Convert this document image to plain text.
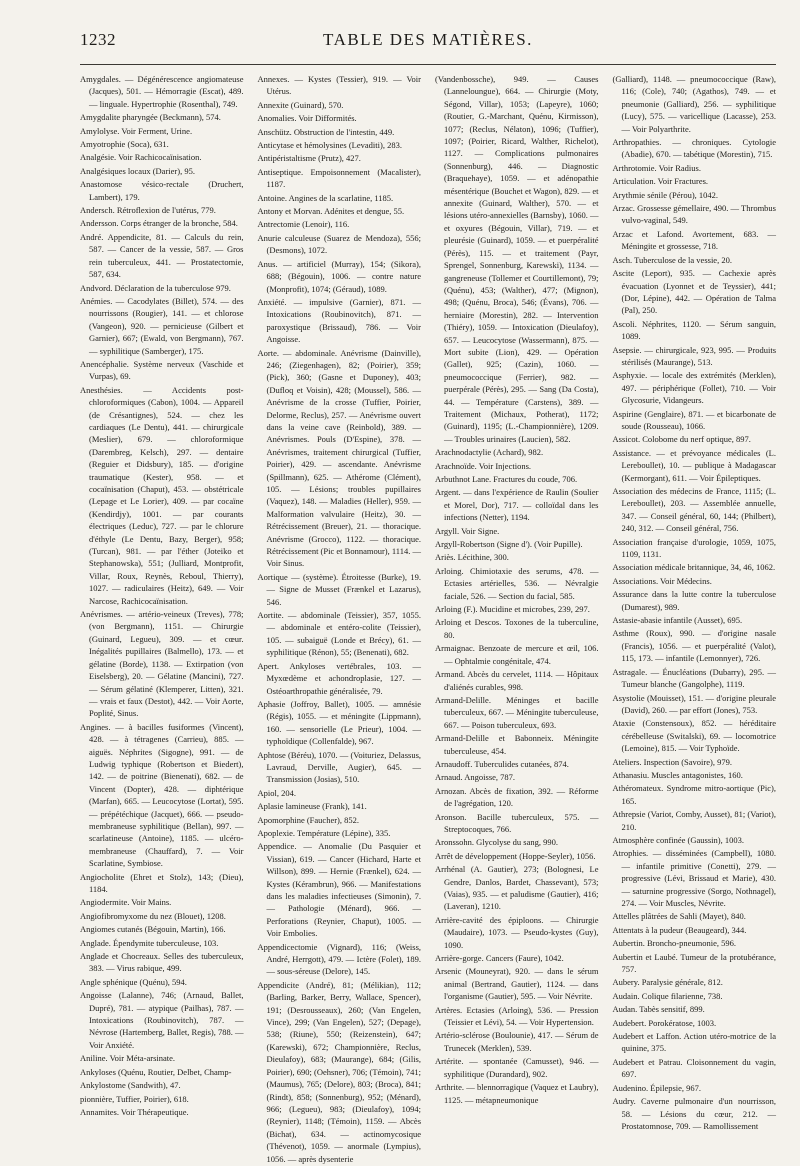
1232	TABLE DES MATIÈRES.

Amygdales. — Dégénérescence angiomateuse (Jacques), 501. — Hémorragie (Escat), 489. — linguale. Hypertrophie (Rosenthal), 749.

Amygdalite pharyngée (Beckmann), 574.

Amylolyse. Voir Ferment, Urine.

Amyotrophie (Soca), 631.

Analgésie. Voir Rachicocaïnisation.

Analgésiques locaux (Darier), 95.

Anastomose vésico-rectale (Druchert, Lambert), 179.

Andersch. Rétroflexion de l'utérus, 779.

Andersson. Corps étranger de la bronche, 584.

André. Appendicite, 81. — Calculs du rein, 587. — Cancer de la vessie, 587. — Gros rein tuberculeux, 441. — Prostatectomie, 587, 634.

Andvord. Déclaration de la tuberculose 979.

Anémies. — Cacodylates (Billet), 574. — des nourrissons (Rougier), 141. — et chlorose (Vangeon), 920. — pernicieuse (Gilbert et Garnier), 667; (Ewald, von Bergmann), 767. — syphilitique (Samberger), 175.

Anencéphalie. Système nerveux (Vaschide et Vurpas), 69.

Anesthésies. — Accidents post-chloroformiques (Cabon), 1004. — Appareil (de Crésantignes), 524. — chez les cardiaques (Le Dentu), 441. — chirurgicale (Meslier), 679. — chloroformique (Darembreg, Kelsch), 297. — dentaire (Reguier et Didsbury), 185. — d'origine traumatique (Kester), 958. — et cocaïnisation (Chaput), 453. — obstétricale (Lepage et Le Lorier), 409. — par cocaïne (Kendirdjy), 1001. — par courants électriques (Leduc), 727. — par le chlorure d'éthyle (Le Dentu, Bazy, Berger), 958; (Turcan), 981. — par l'éther (Joteiko et Stephanowska), 551; (Julliard, Montprofit, Villar, Roux, Reynès, Reboul, Thierry), 1027. — radiculaires (Heitz), 649. — Voir Narcose, Rachicocaïnisation.

Anévrismes. — artério-veineux (Treves), 778; (von Bergmann), 1151. — Chirurgie (Guinard, Legueu), 309. — et cœur. Inégalités pupillaires (Balmello), 173. — et gélatine (Borde), 1138. — Extirpation (von Eiselsberg), 20. — Gélatine (Mancini), 727. — Sérum gélatiné (Klemperer, Litten), 321. — vrais et faux (Destot), 442. — Voir Aorte, Poplité, Sinus.

Angines. — à bacilles fusiformes (Vincent), 428. — à tétragenes (Carrieu), 885. — aiguës. Néphrites (Sigogne), 991. — de Ludwig typhique (Robertson et Biedert), 142. — de poitrine (Bienenati), 682. — de Vincent (Dopter), 428. — diphtérique (Marfan), 665. — Leucocytose (Lortat), 595. — prépétéchique (Jacquet), 666. — pseudo-membraneuse syphilitique (Bellan), 997. — scarlatineuse (Antoine), 1185. — ulcéro-membraneuse (Chauffard), 7. — Voir Scarlatine, Symbiose.

Angiocholite (Ehret et Stolz), 143; (Dieu), 1184.

Angiodermite. Voir Mains.

Angiofibromyxome du nez (Blouet), 1208.

Angiomes cutanés (Bégouin, Martin), 166.

Anglade. Épendymite tuberculeuse, 103.

Anglade et Chocreaux. Selles des tuberculeux, 383. — Virus rabique, 499.

Angle sphénique (Quénu), 594.

Angoisse (Lalanne), 746; (Arnaud, Ballet, Dupré), 781. — atypique (Pailhas), 787. — Intoxications (Roubinovitch), 787. — Névrose (Hartemberg, Ballet, Regis), 788. — Voir Anxiété.

Aniline. Voir Méta-arsinate.

Ankyloses (Quénu, Routier, Delbet, Champ-

Ankylostome (Sandwith), 47.

pionnière, Tuffier, Poirier), 618.

Annamites. Voir Thérapeutique.

Annexes. — Kystes (Tessier), 919. — Voir Utérus.

Annexite (Guinard), 570.

Anomalies. Voir Difformités.

Anschütz. Obstruction de l'intestin, 449.

Anticytase et hémolysines (Levaditi), 283.

Antipéristaltisme (Prutz), 427.

Antiseptique. Empoisonnement (Macalister), 1187.

Antoine. Angines de la scarlatine, 1185.

Antony et Morvan. Adénites et dengue, 55.

Antrectomie (Lenoir), 116.

Anurie calculeuse (Suarez de Mendoza), 556; (Desmons), 1072.

Anus. — artificiel (Murray), 154; (Sikora), 688; (Bégouin), 1006. — contre nature (Monprofit), 1074; (Géraud), 1089.

Anxiété. — impulsive (Garnier), 871. — Intoxications (Roubinovitch), 871. — paroxystique (Brissaud), 786. — Voir Angoisse.

Aorte. — abdominale. Anévrisme (Dainville), 246; (Ziegenhagen), 82; (Poirier), 359; (Pick), 360; (Gasne et Duponey), 403; (Dufloq et Voisin), 428; (Moussel), 586. — Anévrisme de la crosse (Tuffier, Poirier, Delorme, Reclus), 257. — Anévrisme ouvert dans la veine cave (Reinbold), 389. — Anévrismes. Pouls (D'Espine), 378. — Anévrismes, traitement chirurgical (Tuffier, Poirier), 429. — ascendante. Anévrisme (Spillmann), 625. — Athérome (Clément), 105. — Lésions; troubles pupillaires (Vaquez), 148. — Maladies (Heller), 959. — Malformation valvulaire (Heitz), 30. — Rétrécissement (Breuer), 21. — thoracique. Anévrisme (Grocco), 1122. — thoracique. Rétrécissement (Pic et Bonnamour), 1114. — Voir Sinus.

Aortique — (système). Étroitesse (Burke), 19. — Signe de Musset (Frænkel et Lazarus), 546.

Aortite. — abdominale (Teissier), 357, 1055. — abdominale et entéro-colite (Teissier), 105. — subaiguë (Londe et Brécy), 61. — syphilitique (Rénon), 55; (Benenati), 682.

Apert. Ankyloses vertébrales, 103. — Myxœdème et achondroplasie, 127. — Ostéoarthropathie généralisée, 79.

Aphasie (Joffroy, Ballet), 1005. — amnésie (Régis), 1055. — et méningite (Lippmann), 160. — sensorielle (Le Prieur), 1004. — typhoïdique (Collenfalde), 967.

Aphtose (Béréu), 1070. — (Voituriez, Delassus, Lavraud, Derville, Augier), 645. — Transmission (Josias), 510.

Apiol, 204.

Aplasie lamineuse (Frank), 141.

Apomorphine (Faucher), 852.

Apoplexie. Température (Lépine), 335.

Appendice. — Anomalie (Du Pasquier et Vissian), 619. — Cancer (Hichard, Harte et Willson), 899. — Hernie (Frænkel), 624. — Kystes (Kérambrun), 966. — Manifestations dans les maladies infectieuses (Simonin), 7. — Pathologie (Ménard), 966. — Perforations (Reynier, Chaput), 1005. — Voir Embolies.

Appendicectomie (Vignard), 116; (Weiss, André, Herrgott), 479. — Ictère (Folet), 189. — sous-séreuse (Delore), 145.

Appendicite (André), 81; (Mélikian), 112; (Barling, Barker, Berry, Wallace, Spencer), 191; (Desrousseaux), 260; (Van Engelen, Vince), 299; (Van Engelen), 527; (Depage), 538; (Riune), 550; (Reizenstein), 647; (Karewski), 672; Championnière, Reclus, Dieulafoy), 683; (Maurange), 684; (Gilis, Poirier), 690; (Oehsner), 706; (Témoin), 741; (Maumus), 765; (Delore), 803; (Broca), 841; (Rindt), 858; (Sonnenburg), 952; (Ménard), 966; (Legueu), 983; (Dieulafoy), 1094; (Reynier), 1148; (Témoin), 1159. — Abcès (Bichat), 634. — actinomycosique (Thévenot), 1059. — anormale (Lympius), 1056. — après dysenterie

(Vandenbossche), 949. — Causes (Lanneloungue), 664. — Chirurgie (Moty, Ségond, Villar), 1053; (Lapeyre), 1060; (Routier, G.-Marchant, Quénu, Kirmisson), 1077; (Reclus, Nélaton), 1096; (Tuffier), 1097; (Poirier, Ricard, Walther, Richelot), 1127. — Complications pulmonaires (Sonnenburg), 446. — Diagnostic (Braquehaye), 1059. — et adénopathie mésentérique (Bouchet et Wagon), 829. — et annexite (Guinard, Walther), 570. — et lésions utéro-annexielles (Barnsby), 1060. — et oxyures (Bégouin, Villar), 719. — et pleurésie (Guinard), 1059. — et puerpéralité (Pérès), 115. — et traitement (Payr, Sprengel, Sonnenburg, Karewski), 1134. — gangreneuse (Tollemer et Courtillemont), 79; (Quénu), 453; (Walther), 477; (Mignon), 498; (Quénu, Broca), 546; (Évans), 706. — herniaire (Morestin), 282. — Intervention (Thiéry), 1059. — Intoxication (Dieulafoy), 657. — Leucocytose (Wassermann), 875. — Mort subite (Lion), 429. — Opération (Gallet), 925; (Cazin), 1060. — pneumococcique (Ferrier), 982. — puerpérale (Pérès), 295. — Sang (Da Costa), 44. — Température (Carstens), 389. — Traitement (Michaux, Potherat), 1172; (Guinard), 1195; (L.-Championnière), 1209. — Troubles urinaires (Laucien), 582.

Arachnodactylie (Achard), 982.

Arachnoïde. Voir Injections.

Arbuthnot Lane. Fractures du coude, 706.

Argent. — dans l'expérience de Raulin (Soulier et Morel, Dor), 717. — colloïdal dans les infections (Netter), 1194.

Argyll. Voir Signe.

Argyll-Robertson (Signe d'). (Voir Pupille).

Ariès. Lécithine, 300.

Arloing. Chimiotaxie des serums, 478. — Ectasies artérielles, 536. — Névralgie faciale, 526. — Section du facial, 585.

Arloing (F.). Mucidine et microbes, 239, 297.

Arloing et Descos. Toxones de la tuberculine, 80.

Armaignac. Benzoate de mercure et œil, 106. — Ophtalmie congénitale, 474.

Armand. Abcès du cervelet, 1114. — Hôpitaux d'aliénés curables, 998.

Armand-Delille. Méninges et bacille tuberculeux, 667. — Méningite tuberculeuse, 667. — Poison tuberculeux, 693.

Armand-Delille et Babonneix. Méningite tuberculeuse, 454.

Arnaudoff. Tuberculides cutanées, 874.

Arnaud. Angoisse, 787.

Arnozan. Abcès de fixation, 392. — Réforme de l'agrégation, 120.

Aronson. Bacille tuberculeux, 575. — Streptocoques, 766.

Aronssohn. Glycolyse du sang, 990.

Arrêt de développement (Hoppe-Seyler), 1056.

Arrhénal (A. Gautier), 273; (Bolognesi, Le Gendre, Danlos, Bardet, Chassevant), 573; (Vaias), 935. — et paludisme (Gautier), 416; (Laveran), 1210.

Arrière-cavité des épiploons. — Chirurgie (Maudaire), 1073. — Pseudo-kystes (Guy), 1090.

Arrière-gorge. Cancers (Faure), 1042.

Arsenic (Mouneyrat), 920. — dans le sérum animal (Bertrand, Gautier), 1124. — dans l'organisme (Gautier), 595. — Voir Névrite.

Artères. Ectasies (Arloing), 536. — Pression (Teissier et Lévi), 54. — Voir Hypertension.

Artério-sclérose (Boulounie), 417. — Sérum de Trunecek (Merklen), 539.

Artérite. — spontanée (Camusset), 946. — syphilitique (Durandard), 902.

Arthrite. — blennorragique (Vaquez et Laubry), 1125. — métapneumonique

(Galliard), 1148. — pneumococcique (Raw), 116; (Cole), 740; (Agathos), 749. — et pneumonie (Galliard), 256. — syphilitique (Lucy), 575. — varicellique (Lacasse), 253. — Voir Polyarthrite.

Arthropathies. — chroniques. Cytologie (Abadie), 670. — tabétique (Morestin), 715.

Arthrotomie. Voir Radius.

Articulation. Voir Fractures.

Arythmie sénile (Pérou), 1042.

Arzac. Grossesse gémellaire, 490. — Thrombus vulvo-vaginal, 549.

Arzac et Lafond. Avortement, 683. — Méningite et grossesse, 718.

Asch. Tuberculose de la vessie, 20.

Ascite (Leport), 935. — Cachexie après évacuation (Lyonnet et de Teyssier), 441; (Dor, Lépine), 442. — Opération de Talma (Pal), 250.

Ascoli. Néphrites, 1120. — Sérum sanguin, 1089.

Asepsie. — chirurgicale, 923, 995. — Produits stérilisés (Maurange), 513.

Asphyxie. — locale des extrémités (Merklen), 497. — périphérique (Follet), 710. — Voir Glycosurie, Vidangeurs.

Aspirine (Genglaire), 871. — et bicarbonate de soude (Rousseau), 1066.

Assicot. Colobome du nerf optique, 897.

Assistance. — et prévoyance médicales (L. Lereboullet), 10. — publique à Madagascar (Kermorgant), 611. — Voir Épileptiques.

Association des médecins de France, 1115; (L. Lereboullet), 203. — Assemblée annuelle, 347. — Conseil général, 60, 144; (Philbert), 240, 312. — Conseil général, 756.

Association française d'urologie, 1059, 1075, 1109, 1131.

Association médicale britannique, 34, 46, 1062.

Associations. Voir Médecins.

Assurance dans la lutte contre la tuberculose (Dumarest), 989.

Astasie-abasie infantile (Ausset), 695.

Asthme (Roux), 990. — d'origine nasale (Francis), 1056. — et puerpéralité (Valot), 115, 173. — infantile (Lemonnyer), 726.

Astragale. — Énucléations (Dubarry), 295. — Tumeur blanche (Gangolphe), 1119.

Asystolie (Mouisset), 151. — d'origine pleurale (David), 260. — par effort (Jones), 753.

Ataxie (Constensoux), 852. — héréditaire cérébelleuse (Switalski), 69. — locomotrice (Lemoine), 815. — Voir Typhoïde.

Ateliers. Inspection (Savoire), 979.

Athanasiu. Muscles antagonistes, 160.

Athéromateux. Syndrome mitro-aortique (Pic), 165.

Athrepsie (Variot, Comby, Ausset), 81; (Variot), 210.

Atmosphère confinée (Gaussin), 1003.

Atrophies. — disséminées (Campbell), 1080. — infantile primitive (Conetti), 279. — progressive (Lévi, Brissaud et Marie), 430. — saturnine progressive (Sorgo, Nothnagel), 274. — Voir Muscles, Névrite.

Attelles plâtrées de Sahli (Mayet), 840.

Attentats à la pudeur (Beaugeard), 344.

Aubertin. Broncho-pneumonie, 596.

Aubertin et Laubé. Tumeur de la protubérance, 757.

Aubery. Paralysie générale, 812.

Audain. Colique filarienne, 738.

Audan. Tabès sensitif, 899.

Audebert. Porokératose, 1003.

Audebert et Laffon. Action utéro-motrice de la quinine, 375.

Audebert et Patrau. Cloisonnement du vagin, 697.

Audenino. Épilepsie, 967.

Audry. Caverne pulmonaire d'un nourrisson, 58. — Lésions du cœur, 212. — Prostatomnose, 709. — Ramollissement
